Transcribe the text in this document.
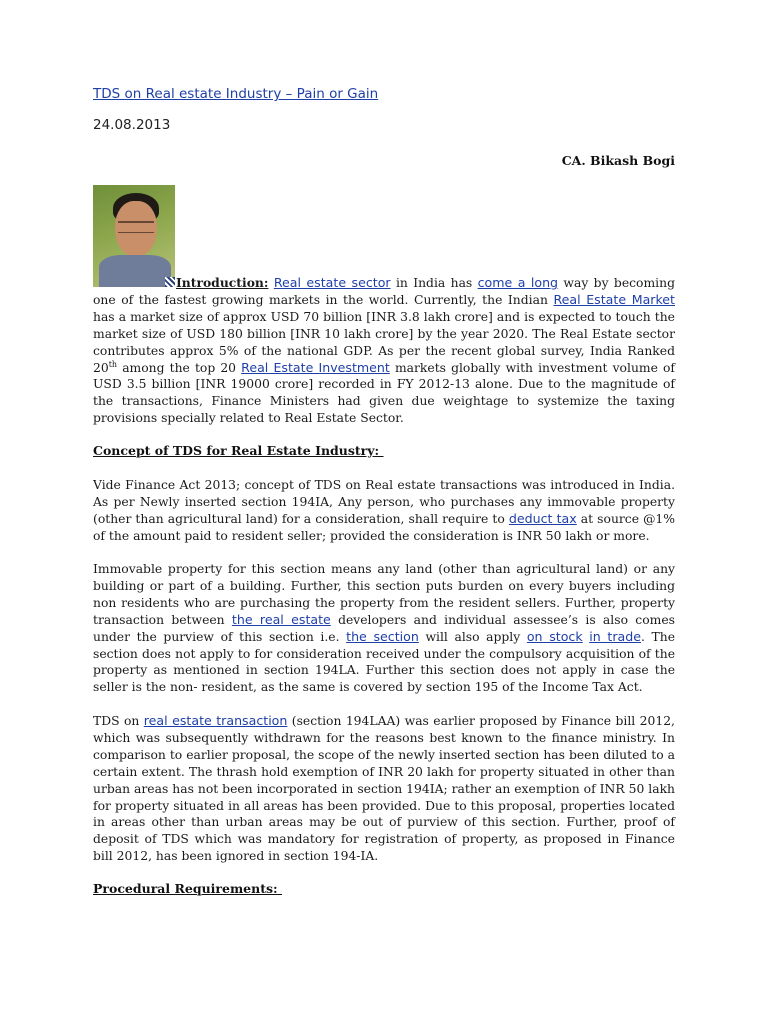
TDS on Real estate Industry – Pain or Gain
24.08.2013
CA. Bikash Bogi

Introduction: Real estate sector in India has come a long way by becoming one of the fastest growing markets in the world. Currently, the Indian Real Estate Market has a market size of approx USD 70 billion [INR 3.8 lakh crore] and is expected to touch the market size of USD 180 billion [INR 10 lakh crore] by the year 2020. The Real Estate sector contributes approx 5% of the national GDP. As per the recent global survey, India Ranked 20th among the top 20 Real Estate Investment markets globally with investment volume of USD 3.5 billion [INR 19000 crore] recorded in FY 2012-13 alone. Due to the magnitude of the transactions, Finance Ministers had given due weightage to systemize the taxing provisions specially related to Real Estate Sector.

Concept of TDS for Real Estate Industry:

Vide Finance Act 2013; concept of TDS on Real estate transactions was introduced in India. As per Newly inserted section 194IA, Any person, who purchases any immovable property (other than agricultural land) for a consideration, shall require to deduct tax at source @1% of the amount paid to resident seller; provided the consideration is INR 50 lakh or more.

Immovable property for this section means any land (other than agricultural land) or any building or part of a building. Further, this section puts burden on every buyers including non residents who are purchasing the property from the resident sellers. Further, property transaction between the real estate developers and individual assessee’s is also comes under the purview of this section i.e. the section will also apply on stock in trade. The section does not apply to for consideration received under the compulsory acquisition of the property as mentioned in section 194LA. Further this section does not apply in case the seller is the non- resident, as the same is covered by section 195 of the Income Tax Act.

TDS on real estate transaction (section 194LAA) was earlier proposed by Finance bill 2012, which was subsequently withdrawn for the reasons best known to the finance ministry. In comparison to earlier proposal, the scope of the newly inserted section has been diluted to a certain extent. The thrash hold exemption of INR 20 lakh for property situated in other than urban areas has not been incorporated in section 194IA; rather an exemption of INR 50 lakh for property situated in all areas has been provided. Due to this proposal, properties located in areas other than urban areas may be out of purview of this section. Further, proof of deposit of TDS which was mandatory for registration of property, as proposed in Finance bill 2012, has been ignored in section 194-IA.

Procedural Requirements:
